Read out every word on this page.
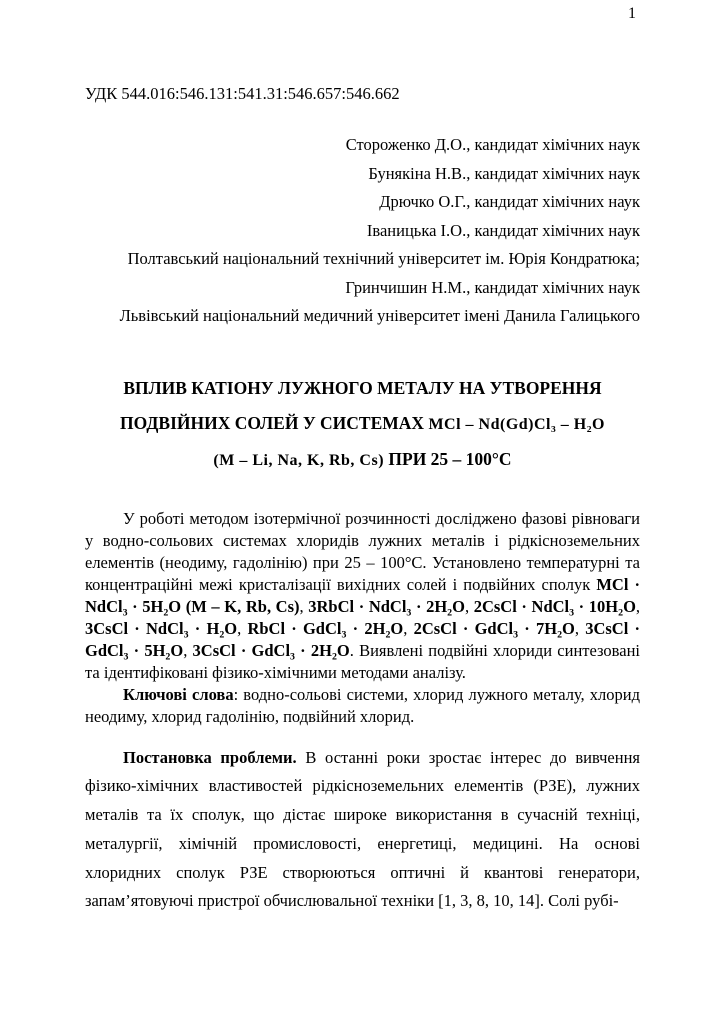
1

УДК 544.016:546.131:541.31:546.657:546.662

Стороженко Д.О., кандидат хімічних наук
Бунякіна Н.В., кандидат хімічних наук
Дрючко О.Г., кандидат хімічних наук
Іваницька І.О., кандидат хімічних наук
Полтавський національний технічний університет ім. Юрія Кондратюка;
Гринчишин Н.М., кандидат хімічних наук
Львівський національний медичний університет імені Данила Галицького
ВПЛИВ КАТІОНУ ЛУЖНОГО МЕТАЛУ НА УТВОРЕННЯ
ПОДВІЙНИХ СОЛЕЙ У СИСТЕМАХ MCl – Nd(Gd)Cl₃ – H₂O
(M – Li, Na, K, Rb, Cs) ПРИ 25 – 100°С

У роботі методом ізотермічної розчинності досліджено фазові рівноваги у водно-сольових системах хлоридів лужних металів і рідкісноземельних елементів (неодиму, гадолінію) при 25 – 100°С. Установлено температурні та концентраційні межі кристалізації вихідних солей і подвійних сполук MCl · NdCl₃ · 5H₂O (M – K, Rb, Cs), 3RbCl · NdCl₃ · 2H₂O, 2CsCl · NdCl₃ · 10H₂O, 3CsCl · NdCl₃ · H₂O, RbCl · GdCl₃ · 2H₂O, 2CsCl · GdCl₃ · 7H₂O, 3CsCl · GdCl₃ · 5H₂O, 3CsCl · GdCl₃ · 2H₂O. Виявлені подвійні хлориди синтезовані та ідентифіковані фізико-хімічними методами аналізу.

Ключові слова: водно-сольові системи, хлорид лужного металу, хлорид неодиму, хлорид гадолінію, подвійний хлорид.

Постановка проблеми. В останні роки зростає інтерес до вивчення фізико-хімічних властивостей рідкісноземельних елементів (РЗЕ), лужних металів та їх сполук, що дістає широке використання в сучасній техніці, металургії, хімічній промисловості, енергетиці, медицині. На основі хлоридних сполук РЗЕ створюються оптичні й квантові генератори, запам’ятовуючі пристрої обчислювальної техніки [1, 3, 8, 10, 14]. Солі рубі-
